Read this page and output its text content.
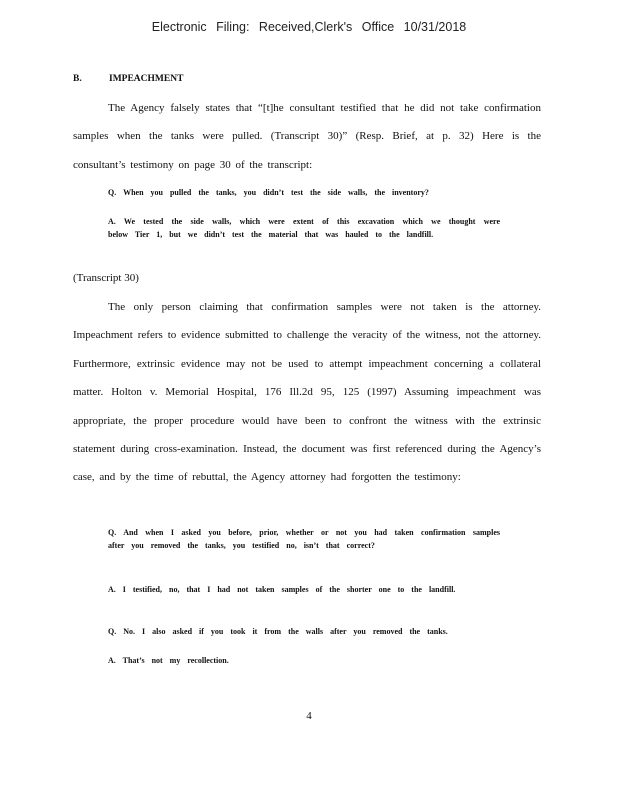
Electronic Filing: Received,Clerk's Office 10/31/2018
B.	IMPEACHMENT
The Agency falsely states that “[t]he consultant testified that he did not take confirmation samples when the tanks were pulled. (Transcript 30)” (Resp. Brief, at p. 32) Here is the consultant’s testimony on page 30 of the transcript:
Q. When you pulled the tanks, you didn’t test the side walls, the inventory?
A. We tested the side walls, which were extent of this excavation which we thought were below Tier 1, but we didn’t test the material that was hauled to the landfill.
(Transcript 30)
The only person claiming that confirmation samples were not taken is the attorney. Impeachment refers to evidence submitted to challenge the veracity of the witness, not the attorney. Furthermore, extrinsic evidence may not be used to attempt impeachment concerning a collateral matter. Holton v. Memorial Hospital, 176 Ill.2d 95, 125 (1997) Assuming impeachment was appropriate, the proper procedure would have been to confront the witness with the extrinsic statement during cross-examination. Instead, the document was first referenced during the Agency’s case, and by the time of rebuttal, the Agency attorney had forgotten the testimony:
Q. And when I asked you before, prior, whether or not you had taken confirmation samples after you removed the tanks, you testified no, isn’t that correct?
A. I testified, no, that I had not taken samples of the shorter one to the landfill.
Q. No. I also asked if you took it from the walls after you removed the tanks.
A. That’s not my recollection.
4
